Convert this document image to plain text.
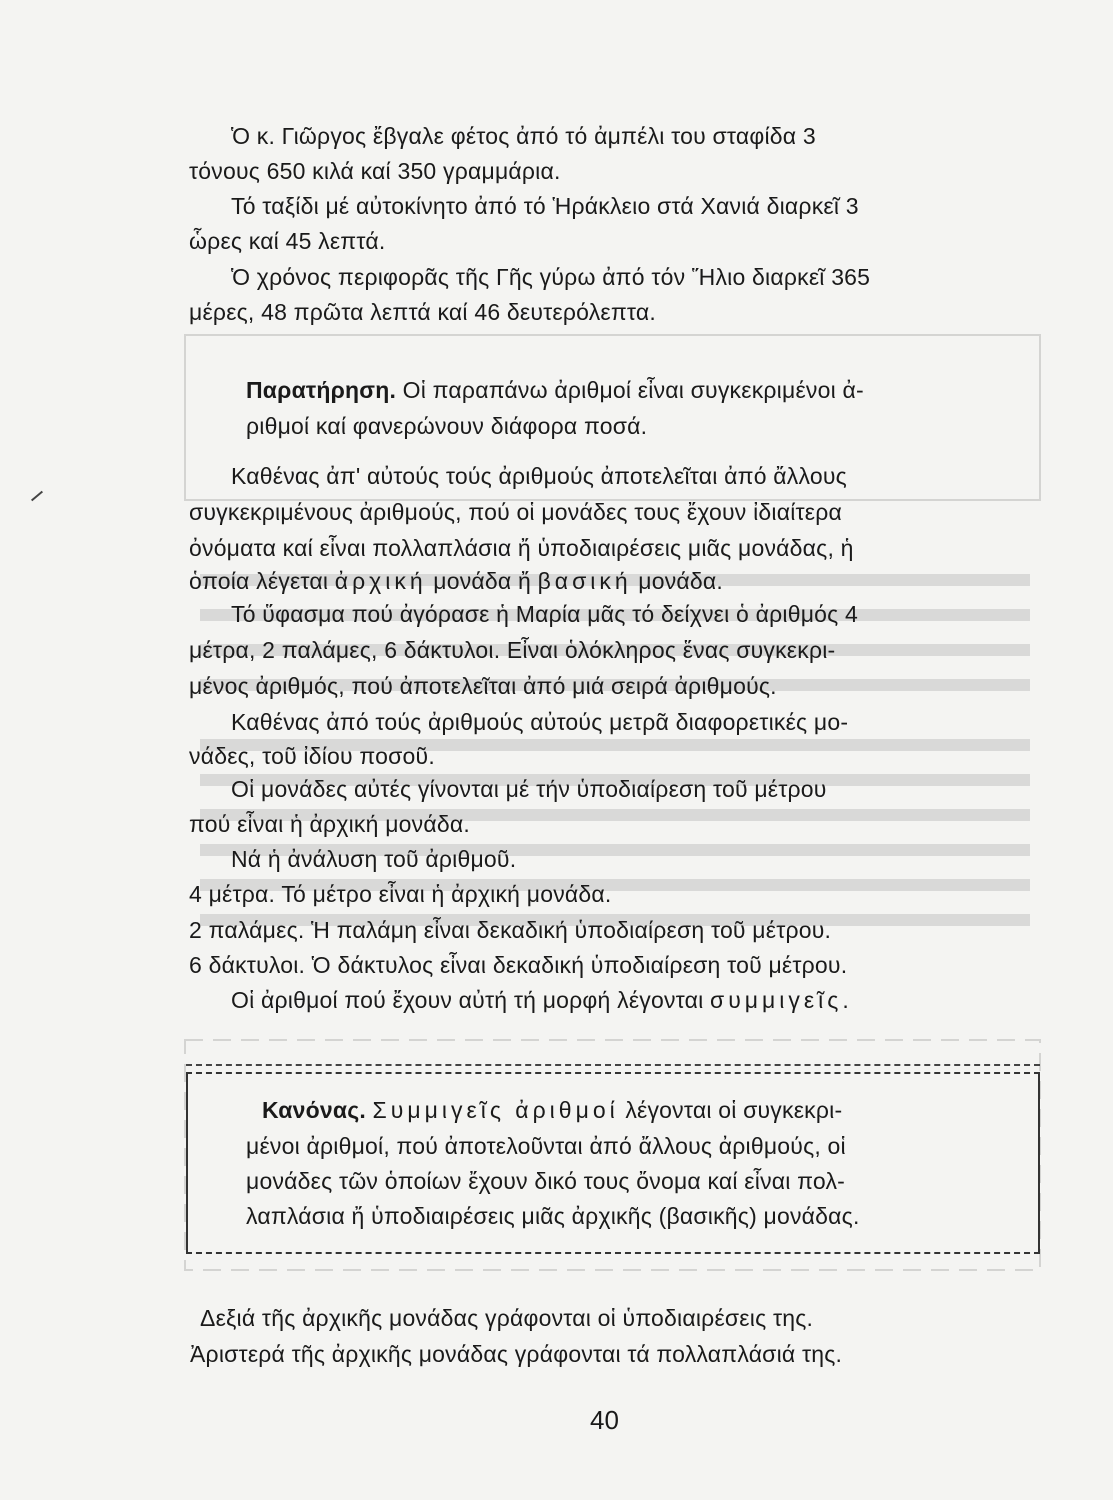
Ὁ κ. Γιῶργος ἔβγαλε φέτος ἀπό τό ἀμπέλι του σταφίδα 3
τόνους 650 κιλά καί 350 γραμμάρια.
Τό ταξίδι μέ αὐτοκίνητο ἀπό τό Ἡράκλειο στά Χανιά διαρκεῖ 3
ὧρες καί 45 λεπτά.
Ὁ χρόνος περιφορᾶς τῆς Γῆς γύρω ἀπό τόν Ἥλιο διαρκεῖ 365
μέρες, 48 πρῶτα λεπτά καί 46 δευτερόλεπτα.
Παρατήρηση. Οἱ παραπάνω ἀριθμοί εἶναι συγκεκριμένοι ἀ-
ριθμοί καί φανερώνουν διάφορα ποσά.
Καθένας ἀπ' αὐτούς τούς ἀριθμούς ἀποτελεῖται ἀπό ἄλλους
συγκεκριμένους ἀριθμούς, πού οἱ μονάδες τους ἔχουν ἰδιαίτερα
ὀνόματα καί εἶναι πολλαπλάσια ἤ ὑποδιαιρέσεις μιᾶς μονάδας, ἡ
ὁποία λέγεται ἀρχική μονάδα ἤ βασική μονάδα.
Τό ὕφασμα πού ἀγόρασε ἡ Μαρία μᾶς τό δείχνει ὁ ἀριθμός 4
μέτρα, 2 παλάμες, 6 δάκτυλοι. Εἶναι ὁλόκληρος ἕνας συγκεκρι-
μένος ἀριθμός, πού ἀποτελεῖται ἀπό μιά σειρά ἀριθμούς.
Καθένας ἀπό τούς ἀριθμούς αὐτούς μετρᾶ διαφορετικές μο-
νάδες, τοῦ ἰδίου ποσοῦ.
Οἱ μονάδες αὐτές γίνονται μέ τήν ὑποδιαίρεση τοῦ μέτρου
πού εἶναι ἡ ἀρχική μονάδα.
Νά ἡ ἀνάλυση τοῦ ἀριθμοῦ.
4 μέτρα. Τό μέτρο εἶναι ἡ ἀρχική μονάδα.
2 παλάμες. Ἡ παλάμη εἶναι δεκαδική ὑποδιαίρεση τοῦ μέτρου.
6 δάκτυλοι. Ὁ δάκτυλος εἶναι δεκαδική ὑποδιαίρεση τοῦ μέτρου.
Οἱ ἀριθμοί πού ἔχουν αὐτή τή μορφή λέγονται συμμιγεῖς.
Κανόνας. Συμμιγεῖς ἀριθμοί λέγονται οἱ συγκεκρι-
μένοι ἀριθμοί, πού ἀποτελοῦνται ἀπό ἄλλους ἀριθμούς, οἱ
μονάδες τῶν ὁποίων ἔχουν δικό τους ὄνομα καί εἶναι πολ-
λαπλάσια ἤ ὑποδιαιρέσεις μιᾶς ἀρχικῆς (βασικῆς) μονάδας.
Δεξιά τῆς ἀρχικῆς μονάδας γράφονται οἱ ὑποδιαιρέσεις της.
Ἀριστερά τῆς ἀρχικῆς μονάδας γράφονται τά πολλαπλάσιά της.
40
